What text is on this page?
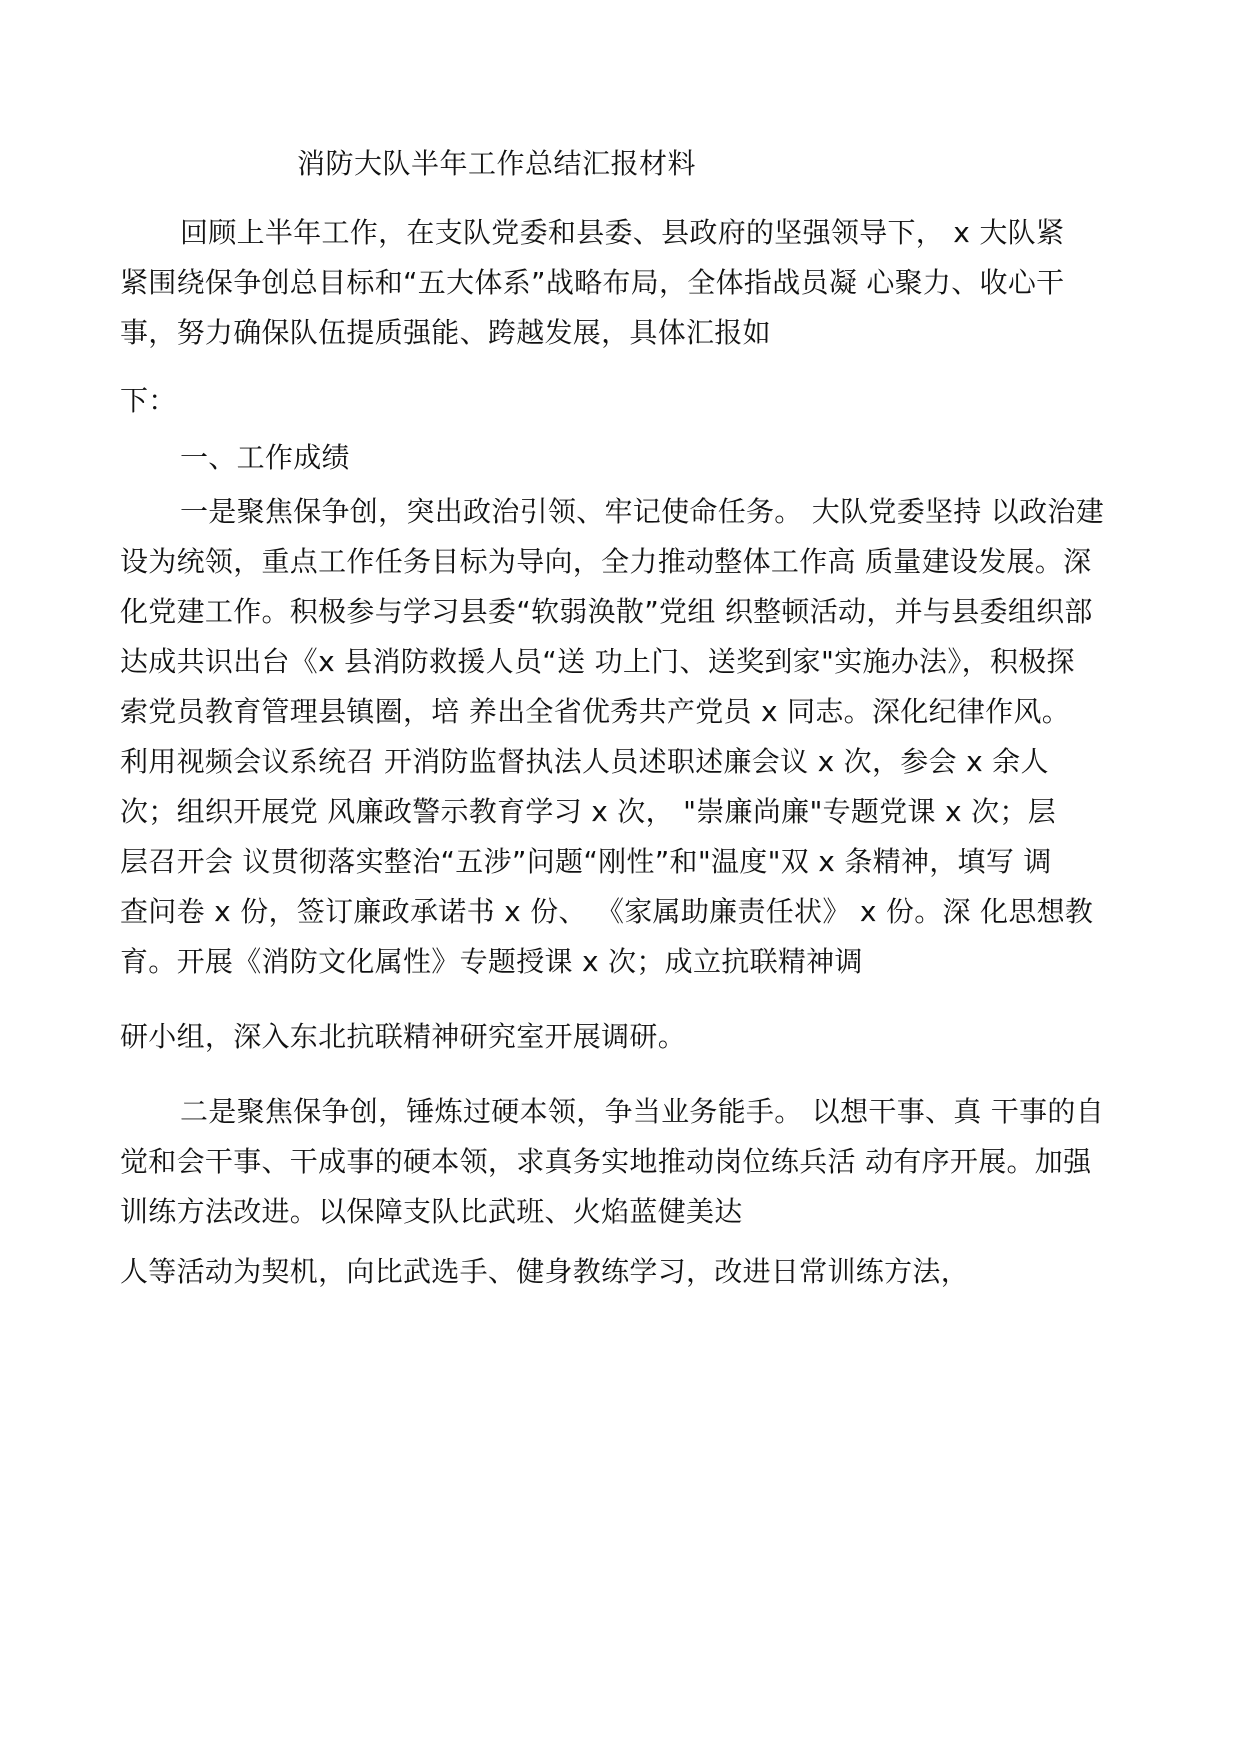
消防大队半年工作总结汇报材料
回顾上半年工作，在支队党委和县委、县政府的坚强领导下， x 大队紧
紧围绕保争创总目标和“五大体系”战略布局，全体指战员凝 心聚力、收心干
事，努力确保队伍提质强能、跨越发展，具体汇报如
下：
一、工作成绩
一是聚焦保争创，突出政治引领、牢记使命任务。 大队党委坚持 以政治建
设为统领，重点工作任务目标为导向，全力推动整体工作高 质量建设发展。深
化党建工作。积极参与学习县委“软弱涣散”党组 织整顿活动，并与县委组织部
达成共识出台《x 县消防救援人员“送 功上门、送奖到家"实施办法》，积极探
索党员教育管理县镇圈，培 养出全省优秀共产党员 x 同志。深化纪律作风。
利用视频会议系统召 开消防监督执法人员述职述廉会议 x 次，参会 x 余人
次；组织开展党 风廉政警示教育学习 x 次， "崇廉尚廉"专题党课 x 次；层
层召开会 议贯彻落实整治“五涉”问题“刚性”和"温度"双 x 条精神，填写 调
查问卷 x 份，签订廉政承诺书 x 份、 《家属助廉责任状》 x 份。深 化思想教
育。开展《消防文化属性》专题授课 x 次；成立抗联精神调
研小组，深入东北抗联精神研究室开展调研。
二是聚焦保争创，锤炼过硬本领，争当业务能手。 以想干事、真 干事的自
觉和会干事、干成事的硬本领，求真务实地推动岗位练兵活 动有序开展。加强
训练方法改进。以保障支队比武班、火焰蓝健美达
人等活动为契机，向比武选手、健身教练学习，改进日常训练方法，
